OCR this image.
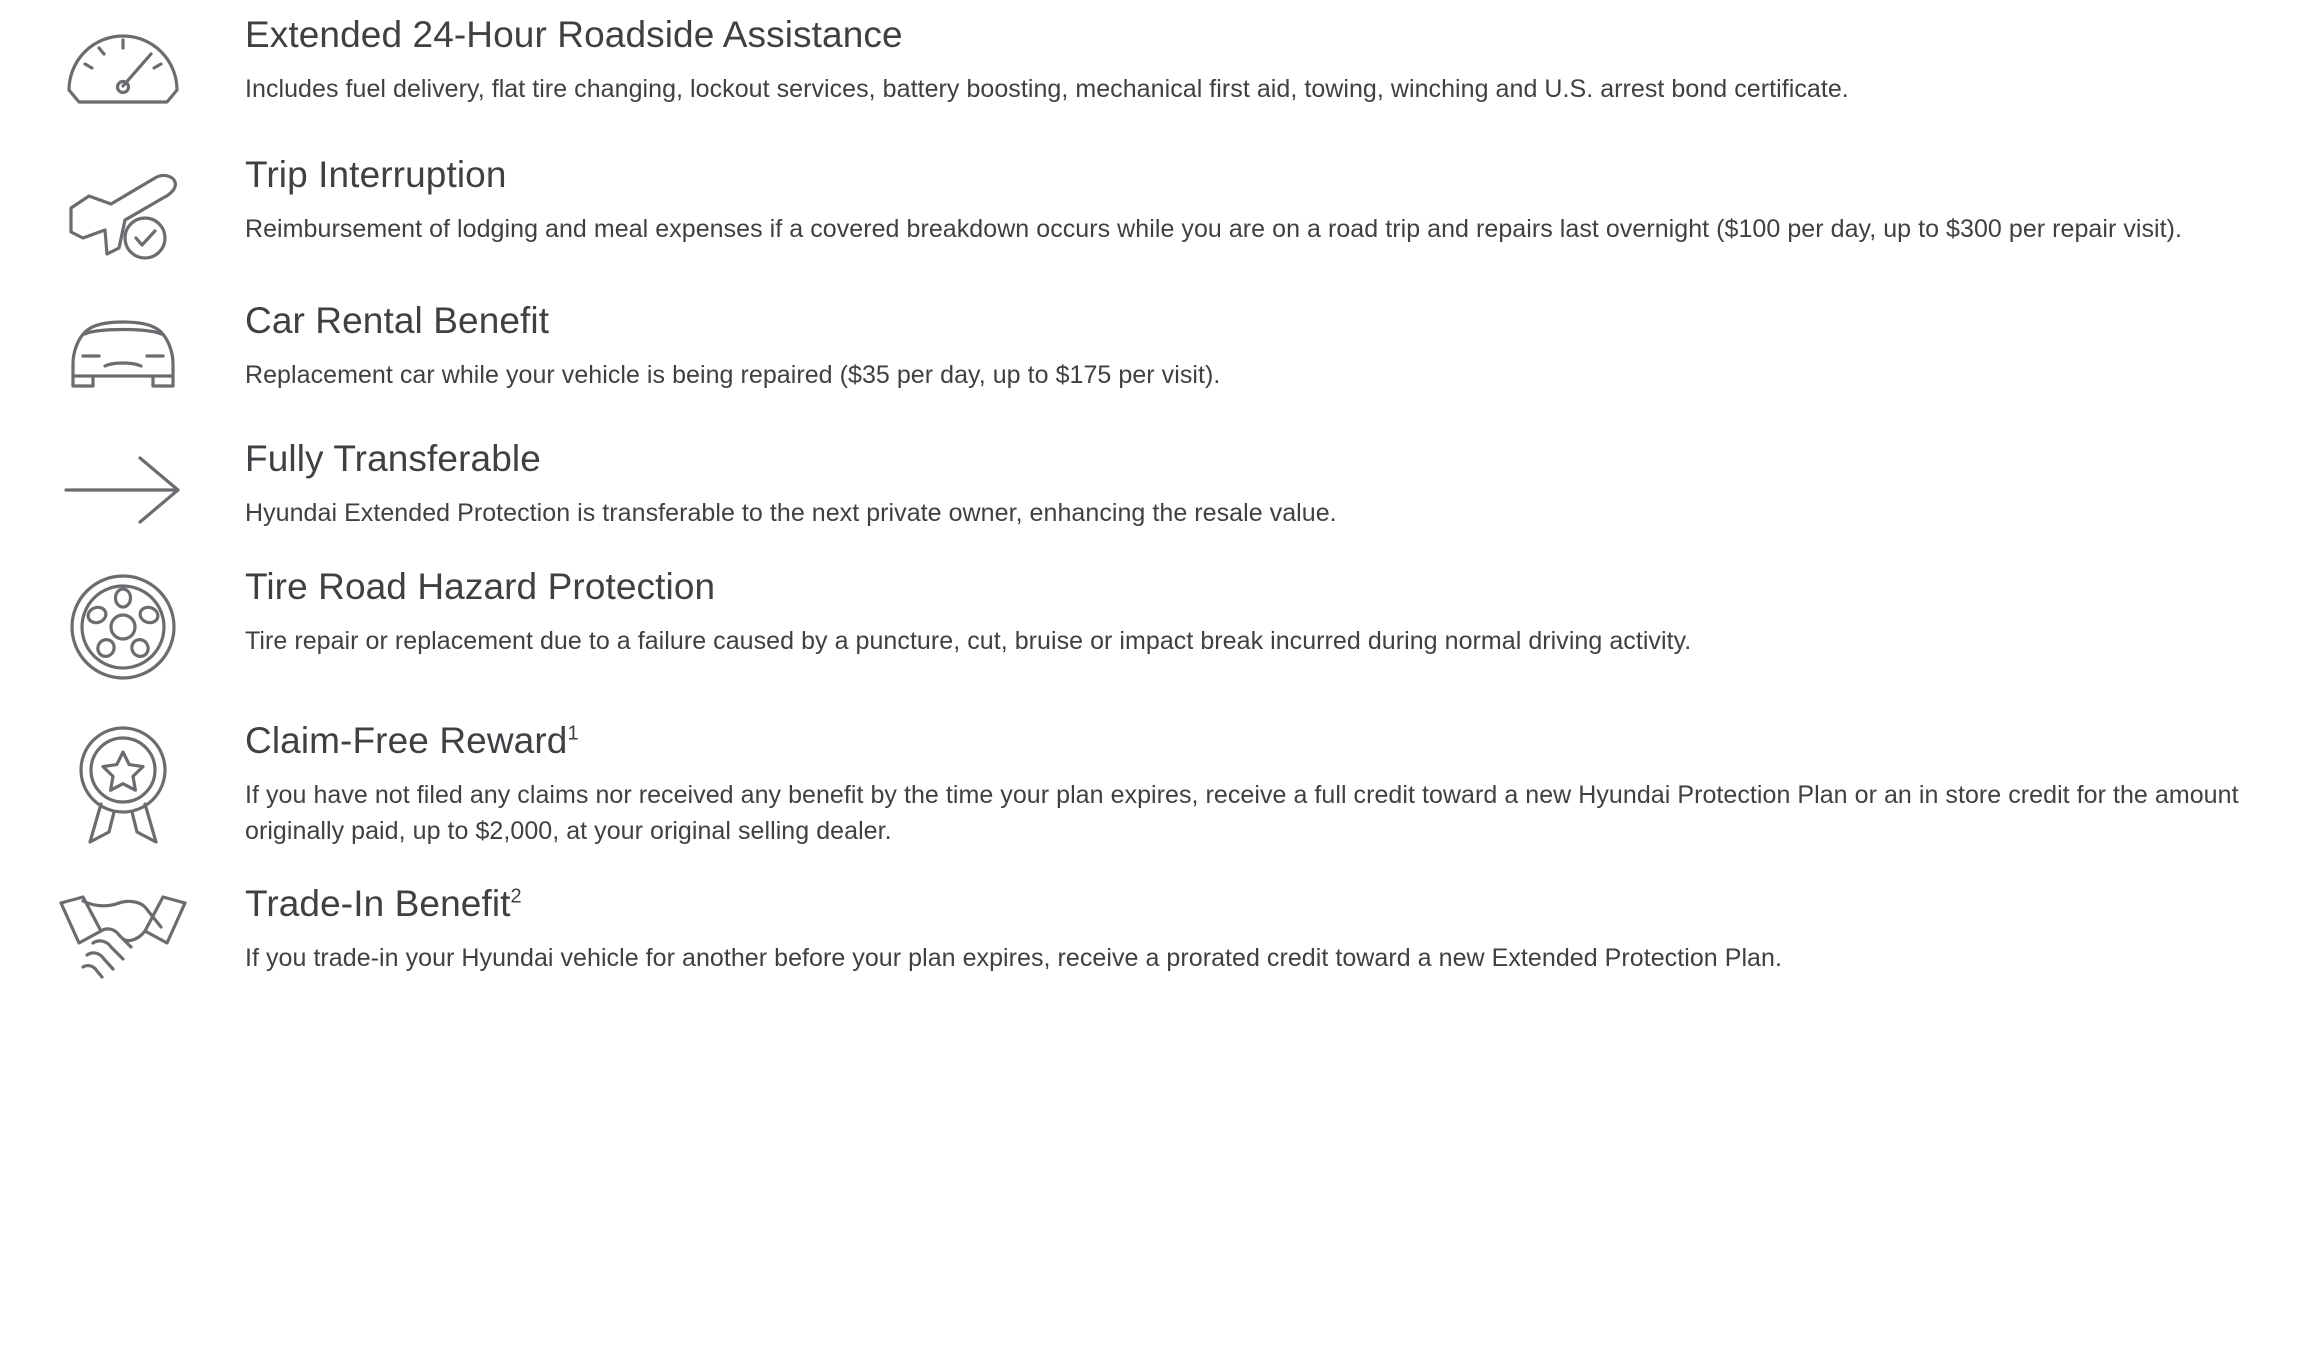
Extended 24-Hour Roadside Assistance

Includes fuel delivery, flat tire changing, lockout services, battery boosting, mechanical first aid, towing, winching and U.S. arrest bond certificate.

Trip Interruption

Reimbursement of lodging and meal expenses if a covered breakdown occurs while you are on a road trip and repairs last overnight ($100 per day, up to $300 per repair visit).

Car Rental Benefit

Replacement car while your vehicle is being repaired ($35 per day, up to $175 per visit).

Fully Transferable

Hyundai Extended Protection is transferable to the next private owner, enhancing the resale value.

Tire Road Hazard Protection

Tire repair or replacement due to a failure caused by a puncture, cut, bruise or impact break incurred during normal driving activity.

Claim-Free Reward$^1$

If you have not filed any claims nor received any benefit by the time your plan expires, receive a full credit toward a new Hyundai Protection Plan or an in store credit for the amount originally paid, up to $2,000, at your original selling dealer.

Trade-In Benefit$^2$

If you trade-in your Hyundai vehicle for another before your plan expires, receive a prorated credit toward a new Extended Protection Plan.
